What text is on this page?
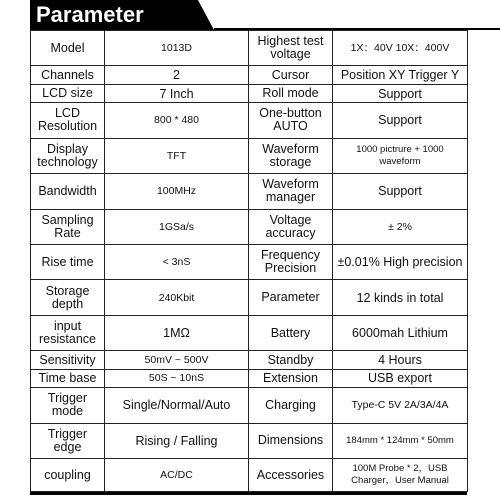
Parameter
Model	1013D	Highest test voltage	1X：40V 10X：400V
Channels	2	Cursor	Position XY Trigger Y
LCD size	7 Inch	Roll mode	Support
LCD Resolution	800 * 480	One-button AUTO	Support
Display technology	TFT	Waveform storage	1000 pictrure + 1000 waveform
Bandwidth	100MHz	Waveform manager	Support
Sampling Rate	1GSa/s	Voltage accuracy	± 2%
Rise time	< 3nS	Frequency Precision	±0.01% High precision
Storage depth	240Kbit	Parameter	12 kinds in total
input resistance	1MΩ	Battery	6000mah Lithium
Sensitivity	50mV ~ 500V	Standby	4 Hours
Time base	50S ~ 10nS	Extension	USB export
Trigger mode	Single/Normal/Auto	Charging	Type-C 5V 2A/3A/4A
Trigger edge	Rising / Falling	Dimensions	184mm * 124mm * 50mm
coupling	AC/DC	Accessories	100M Probe * 2，USB Charger，User Manual
